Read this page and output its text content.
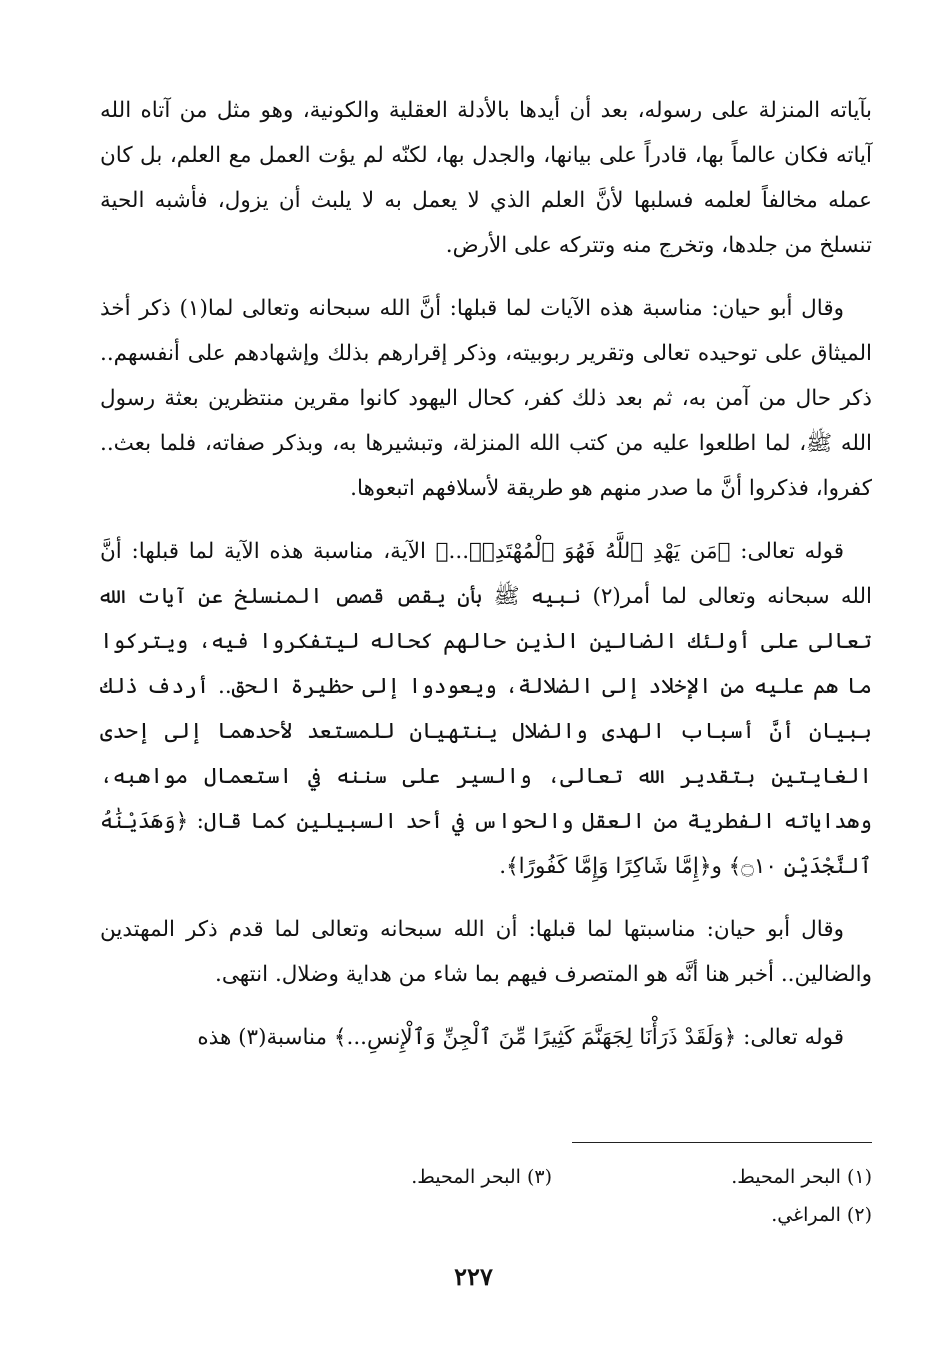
بآياته المنزلة على رسوله، بعد أن أيدها بالأدلة العقلية والكونية، وهو مثل من آتاه الله آياته فكان عالماً بها، قادراً على بيانها، والجدل بها، لكنّه لم يؤت العمل مع العلم، بل كان عمله مخالفاً لعلمه فسلبها لأنَّ العلم الذي لا يعمل به لا يلبث أن يزول، فأشبه الحية تنسلخ من جلدها، وتخرج منه وتتركه على الأرض.

وقال أبو حيان: مناسبة هذه الآيات لما قبلها: أنَّ الله سبحانه وتعالى لما(١) ذكر أخذ الميثاق على توحيده تعالى وتقرير ربوبيته، وذكر إقرارهم بذلك وإشهادهم على أنفسهم.. ذكر حال من آمن به، ثم بعد ذلك كفر، كحال اليهود كانوا مقرين منتظرين بعثة رسول الله ﷺ، لما اطلعوا عليه من كتب الله المنزلة، وتبشيرها به، وبذكر صفاته، فلما بعث.. كفروا، فذكروا أنَّ ما صدر منهم هو طريقة لأسلافهم اتبعوها.

قوله تعالى: ﴿مَن يَهْدِ ٱللَّهُ فَهُوَ ٱلْمُهْتَدِىۖ...﴾ الآية، مناسبة هذه الآية لما قبلها: أنَّ الله سبحانه وتعالى لما أمر(٢) نبيه ﷺ بأن يقص قصص المنسلخ عن آيات الله تعالى على أولئك الضالين الذين حالهم كحاله ليتفكروا فيه، ويتركوا ما هم عليه من الإخلاد إلى الضلالة، ويعودوا إلى حظيرة الحق.. أردف ذلك ببيان أنَّ أسباب الهدى والضلال ينتهيان للمستعد لأحدهما إلى إحدى الغايتين بتقدير الله تعالى، والسير على سننه في استعمال مواهبه، وهداياته الفطرية من العقل والحواس في أحد السبيلين كما قال: ﴿وَهَدَيْنَٰهُ ٱلنَّجْدَيْنِ ۝١٠﴾ و﴿إِمَّا شَاكِرًا وَإِمَّا كَفُورًا﴾.

وقال أبو حيان: مناسبتها لما قبلها: أن الله سبحانه وتعالى لما قدم ذكر المهتدين والضالين.. أخبر هنا أنَّه هو المتصرف فيهم بما شاء من هداية وضلال. انتهى.

قوله تعالى: ﴿وَلَقَدْ ذَرَأْنَا لِجَهَنَّمَ كَثِيرًا مِّنَ ٱلْجِنِّ وَٱلْإِنسِ...﴾ مناسبة(٣) هذه

(١) البحر المحيط.
(٣) البحر المحيط.
(٢) المراغي.
٢٢٧
